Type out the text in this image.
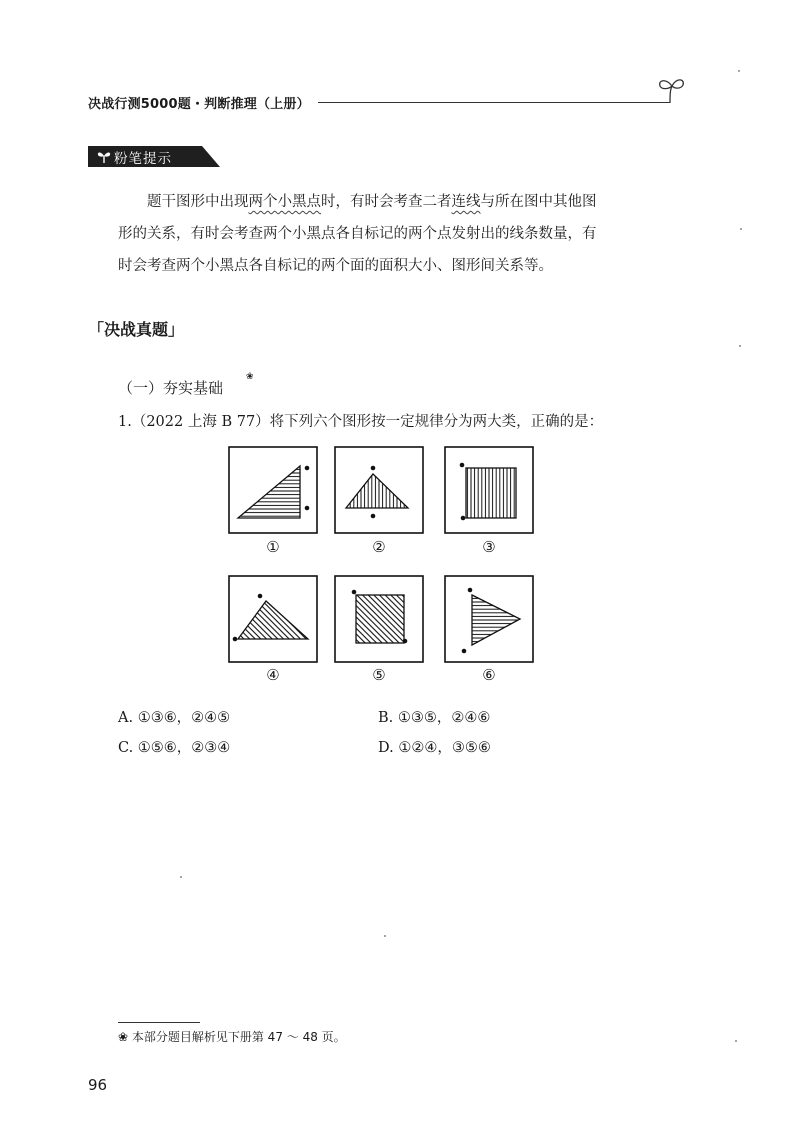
决战行测5000题・判断推理（上册）
粉笔提示
题干图形中出现两个小黑点时，有时会考查二者连线与所在图中其他图
形的关系，有时会考查两个小黑点各自标记的两个点发射出的线条数量，有
时会考查两个小黑点各自标记的两个面的面积大小、图形间关系等。
「决战真题」
（一）夯实基础
❀
1.（2022 上海 B 77）将下列六个图形按一定规律分为两大类，正确的是：
①	②	③
④	⑤	⑥
A. ①③⑥，②④⑤	B. ①③⑤，②④⑥
C. ①⑤⑥，②③④	D. ①②④，③⑤⑥
❀ 本部分题目解析见下册第 47 ～ 48 页。
96
